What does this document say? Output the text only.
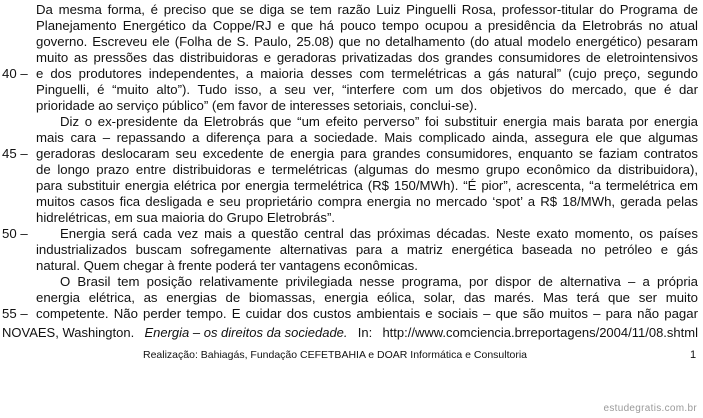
Da mesma forma, é preciso que se diga se tem razão Luiz Pinguelli Rosa, professor-titular do Programa de
Planejamento Energético da Coppe/RJ e que há pouco tempo ocupou a presidência da Eletrobrás no atual
governo. Escreveu ele (Folha de S. Paulo, 25.08) que no detalhamento (do atual modelo energético) pesaram
muito as pressões das distribuidoras e geradoras privatizadas dos grandes consumidores de eletrointensivos
e dos produtores independentes, a maioria desses com termelétricas a gás natural” (cujo preço, segundo
Pinguelli, é “muito alto”). Tudo isso, a seu ver, “interfere com um dos objetivos do mercado, que é dar
prioridade ao serviço público” (em favor de interesses setoriais, conclui-se).
Diz o ex-presidente da Eletrobrás que “um efeito perverso” foi substituir energia mais barata por energia
mais cara – repassando a diferença para a sociedade. Mais complicado ainda, assegura ele que algumas
geradoras deslocaram seu excedente de energia para grandes consumidores, enquanto se faziam contratos
de longo prazo entre distribuidoras e termelétricas (algumas do mesmo grupo econômico da distribuidora),
para substituir energia elétrica por energia termelétrica (R$ 150/MWh). “É pior”, acrescenta, “a termelétrica em
muitos casos fica desligada e seu proprietário compra energia no mercado ‘spot’ a R$ 18/MWh, gerada pelas
hidrelétricas, em sua maioria do Grupo Eletrobrás”.
Energia será cada vez mais a questão central das próximas décadas. Neste exato momento, os países
industrializados buscam sofregamente alternativas para a matriz energética baseada no petróleo e gás
natural. Quem chegar à frente poderá ter vantagens econômicas.
O Brasil tem posição relativamente privilegiada nesse programa, por dispor de alternativa – a própria
energia elétrica, as energias de biomassas, energia eólica, solar, das marés. Mas terá que ser muito
competente. Não perder tempo. E cuidar dos custos ambientais e sociais – que são muitos – para não pagar
40 –
45 –
50 –
55 –
NOVAES, Washington. Energia – os direitos da sociedade. In: http://www.comciencia.brreportagens/2004/11/08.shtml
Realização: Bahiagás, Fundação CEFETBAHIA e DOAR Informática e Consultoria	1
estudegratis.com.br
